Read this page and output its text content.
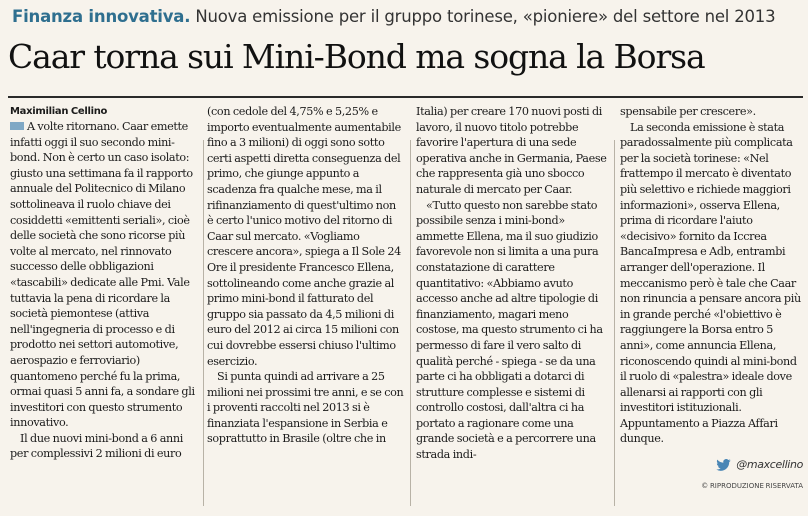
Finanza innovativa. Nuova emissione per il gruppo torinese, «pioniere» del settore nel 2013
Caar torna sui Mini-Bond ma sogna la Borsa
Maximilian Cellino

A volte ritornano. Caar emette infatti oggi il suo secondo mini-bond. Non è certo un caso isolato: giusto una settimana fa il rapporto annuale del Politecnico di Milano sottolineava il ruolo chiave dei cosiddetti «emittenti seriali», cioè delle società che sono ricorse più volte al mercato, nel rinnovato successo delle obbligazioni «tascabili» dedicate alle Pmi. Vale tuttavia la pena di ricordare la società piemontese (attiva nell'ingegneria di processo e di prodotto nei settori automotive, aerospazio e ferroviario) quantomeno perché fu la prima, ormai quasi 5 anni fa, a sondare gli investitori con questo strumento innovativo.

Il due nuovi mini-bond a 6 anni per complessivi 2 milioni di euro

(con cedole del 4,75% e 5,25% e importo eventualmente aumentabile fino a 3 milioni) di oggi sono sotto certi aspetti diretta conseguenza del primo, che giunge appunto a scadenza fra qualche mese, ma il rifinanziamento di quest'ultimo non è certo l'unico motivo del ritorno di Caar sul mercato. «Vogliamo crescere ancora», spiega a Il Sole 24 Ore il presidente Francesco Ellena, sottolineando come anche grazie al primo mini-bond il fatturato del gruppo sia passato da 4,5 milioni di euro del 2012 ai circa 15 milioni con cui dovrebbe essersi chiuso l'ultimo esercizio.

Si punta quindi ad arrivare a 25 milioni nei prossimi tre anni, e se con i proventi raccolti nel 2013 si è finanziata l'espansione in Serbia e soprattutto in Brasile (oltre che in

Italia) per creare 170 nuovi posti di lavoro, il nuovo titolo potrebbe favorire l'apertura di una sede operativa anche in Germania, Paese che rappresenta già uno sbocco naturale di mercato per Caar.

«Tutto questo non sarebbe stato possibile senza i mini-bond» ammette Ellena, ma il suo giudizio favorevole non si limita a una pura constatazione di carattere quantitativo: «Abbiamo avuto accesso anche ad altre tipologie di finanziamento, magari meno costose, ma questo strumento ci ha permesso di fare il vero salto di qualità perché - spiega - se da una parte ci ha obbligati a dotarci di strutture complesse e sistemi di controllo costosi, dall'altra ci ha portato a ragionare come una grande società e a percorrere una strada indi-

spensabile per crescere».

La seconda emissione è stata paradossalmente più complicata per la società torinese: «Nel frattempo il mercato è diventato più selettivo e richiede maggiori informazioni», osserva Ellena, prima di ricordare l'aiuto «decisivo» fornito da Iccrea BancaImpresa e Adb, entrambi arranger dell'operazione. Il meccanismo però è tale che Caar non rinuncia a pensare ancora più in grande perché «l'obiettivo è raggiungere la Borsa entro 5 anni», come annuncia Ellena, riconoscendo quindi al mini-bond il ruolo di «palestra» ideale dove allenarsi ai rapporti con gli investitori istituzionali. Appuntamento a Piazza Affari dunque.

@maxcellino
© RIPRODUZIONE RISERVATA
